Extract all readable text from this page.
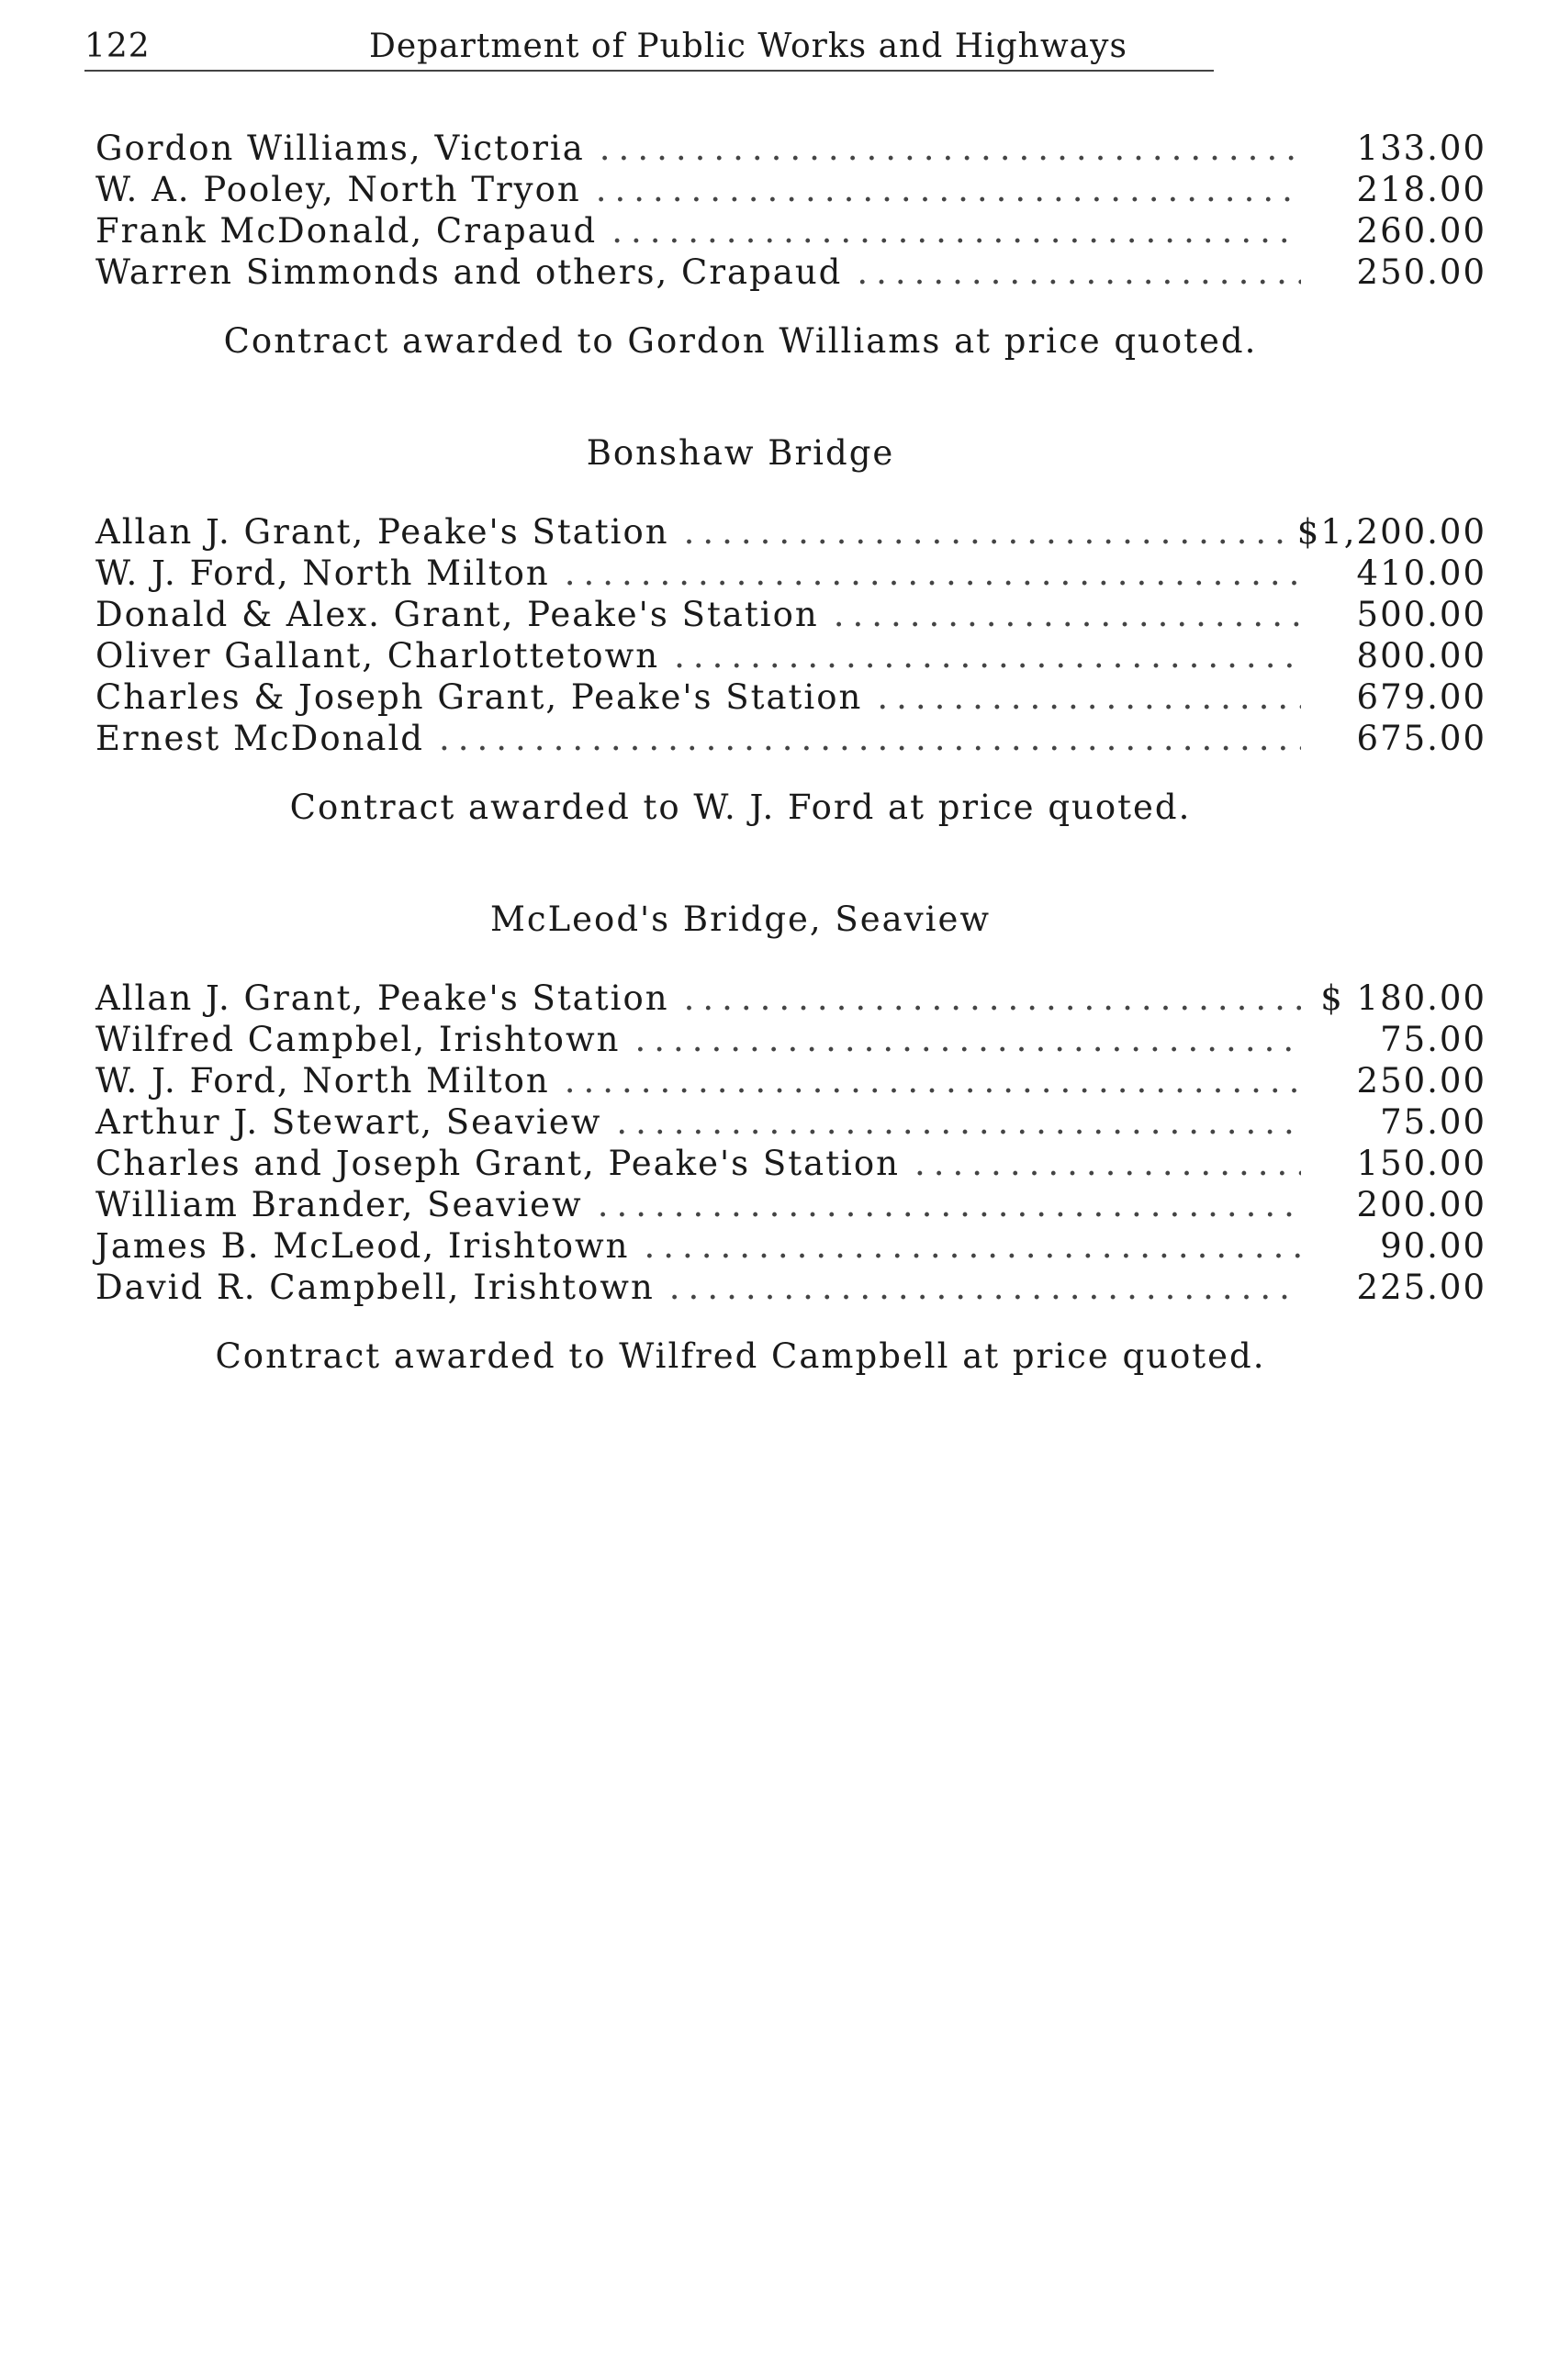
122	Department of Public Works and Highways
Gordon Williams, Victoria .....	133.00
W. A. Pooley, North Tryon .....	218.00
Frank McDonald, Crapaud .....	260.00
Warren Simmonds and others, Crapaud .....	250.00
Contract awarded to Gordon Williams at price quoted.
Bonshaw Bridge
Allan J. Grant, Peake's Station .....	$1,200.00
W. J. Ford, North Milton .....	410.00
Donald & Alex. Grant, Peake's Station .....	500.00
Oliver Gallant, Charlottetown .....	800.00
Charles & Joseph Grant, Peake's Station .....	679.00
Ernest McDonald .....	675.00
Contract awarded to W. J. Ford at price quoted.
McLeod's Bridge, Seaview
Allan J. Grant, Peake's Station .....	$ 180.00
Wilfred Campbel, Irishtown .....	75.00
W. J. Ford, North Milton .....	250.00
Arthur J. Stewart, Seaview .....	75.00
Charles and Joseph Grant, Peake's Station .....	150.00
William Brander, Seaview .....	200.00
James B. McLeod, Irishtown .....	90.00
David R. Campbell, Irishtown .....	225.00
Contract awarded to Wilfred Campbell at price quoted.
